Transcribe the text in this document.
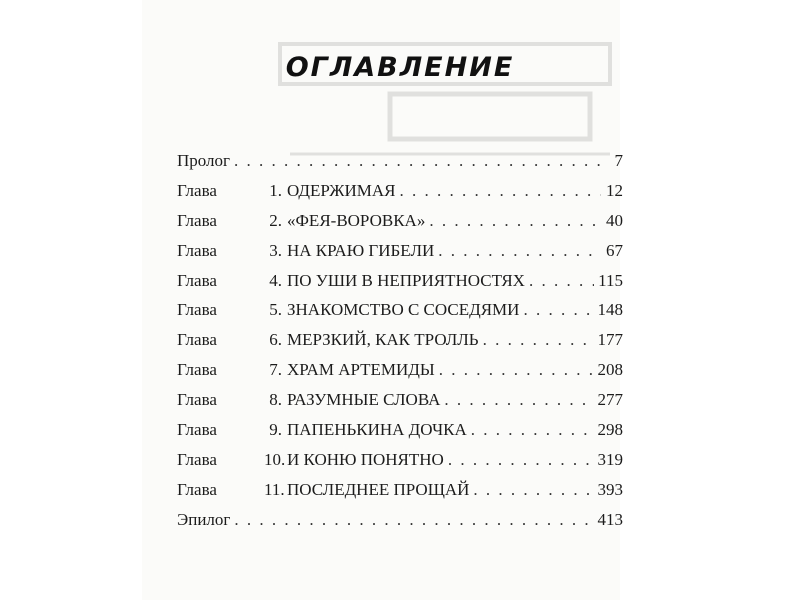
ОГЛАВЛЕНИЕ
Пролог . . .	7
Глава	1. ОДЕРЖИМАЯ . . .	12
Глава	2. «ФЕЯ-ВОРОВКА» . . .	40
Глава	3. НА КРАЮ ГИБЕЛИ . . .	67
Глава	4. ПО УШИ В НЕПРИЯТНОСТЯХ . . .	115
Глава	5. ЗНАКОМСТВО С СОСЕДЯМИ . . .	148
Глава	6. МЕРЗКИЙ, КАК ТРОЛЛЬ . . .	177
Глава	7. ХРАМ АРТЕМИДЫ . . .	208
Глава	8. РАЗУМНЫЕ СЛОВА . . .	277
Глава	9. ПАПЕНЬКИНА ДОЧКА . . .	298
Глава	10. И КОНЮ ПОНЯТНО . . .	319
Глава	11. ПОСЛЕДНЕЕ ПРОЩАЙ . . .	393
Эпилог . . .	413
